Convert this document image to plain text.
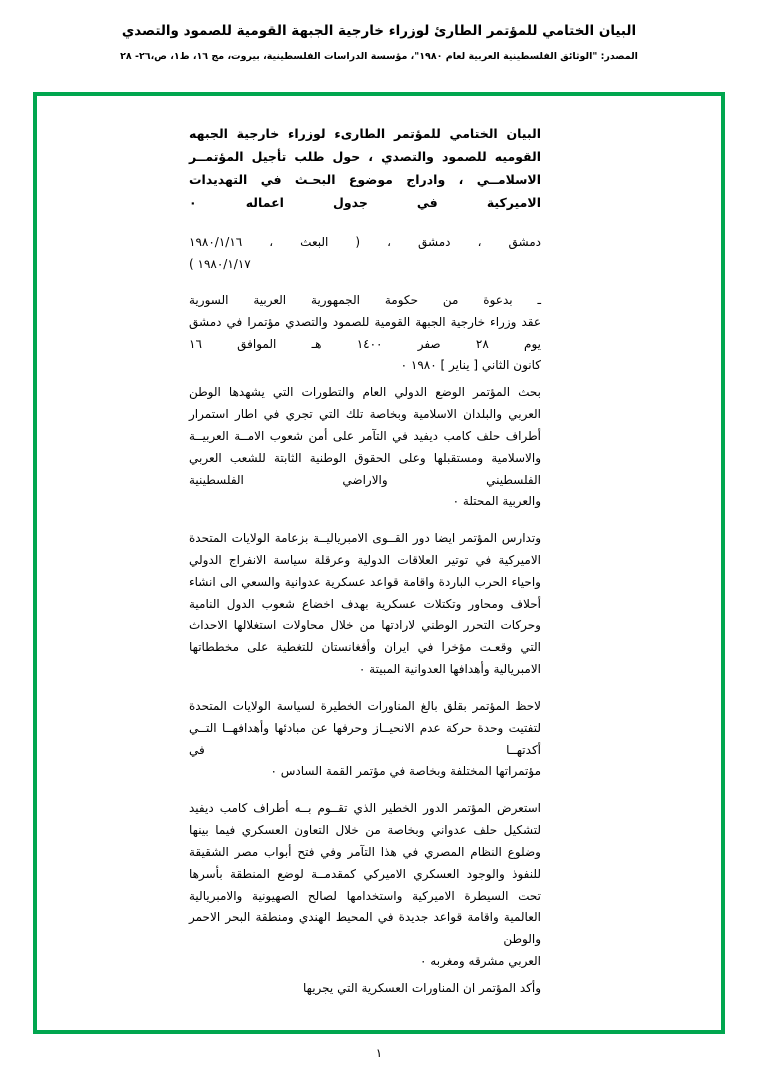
البيان الختامي للمؤتمر الطارئ لوزراء خارجية الجبهة القومية للصمود والتصدي
المصدر: "الوثائق الفلسطينية العربية لعام ١٩٨٠"، مؤسسة الدراسات الفلسطينية، بيروت، مج ١٦، ط١، ص،٢٦- ٢٨
البيان الختامي للمؤتمر الطارىء لوزراء خارجية الجبهه القوميه للصمود والتصدي ، حول طلب تأجيل المؤتمــر الاسلامــي ، وادراج موضوع البحـث في التهديدات الاميركية في جدول اعماله ٠
دمشق ، دمشق ، ( البعث ، ١٩٨٠/١/١٦
١٩٨٠/١/١٧ )
ـ بدعوة من حكومة الجمهورية العربية السورية
عقد وزراء خارجية الجبهة القومية للصمود والتصدي مؤتمرا في دمشق يوم ٢٨ صفر ١٤٠٠ هـ الموافق ١٦
كانون الثاني [ يناير ] ١٩٨٠ ٠
بحث المؤتمر الوضع الدولي العام والتطورات التي يشهدها الوطن العربي والبلدان الاسلامية وبخاصة تلك التي تجري في اطار استمرار أطراف حلف كامب ديفيد في التآمر على أمن شعوب الامــة العربيــة والاسلامية ومستقبلها وعلى الحقوق الوطنية الثابتة للشعب العربي الفلسطيني والاراضي الفلسطينية
والعربية المحتلة ٠
وتدارس المؤتمر ايضا دور القــوى الامبرياليــة بزعامة الولايات المتحدة الاميركية في توتير العلاقات الدولية وعرقلة سياسة الانفراج الدولي واحياء الحرب الباردة واقامة قواعد عسكرية عدوانية والسعي الى انشاء أحلاف ومحاور وتكتلات عسكرية بهدف اخضاع شعوب الدول النامية وحركات التحرر الوطني لارادتها من خلال محاولات استغلالها الاحداث التي وقعـت مؤخرا في ايران وأفغانستان للتغطية على مخططاتها
الامبريالية وأهدافها العدوانية المبيتة ٠
لاحظ المؤتمر بقلق بالغ المناورات الخطيرة لسياسة الولايات المتحدة لتفتيت وحدة حركة عدم الانحيــاز وحرفها عن مبادئها وأهدافهــا التــي أكدتهــا في
مؤتمراتها المختلفة وبخاصة في مؤتمر القمة السادس ٠
استعرض المؤتمر الدور الخطير الذي تقــوم بــه أطراف كامب ديفيد لتشكيل حلف عدواني وبخاصة من خلال التعاون العسكري فيما بينها وضلوع النظام المصري في هذا التآمر وفي فتح أبواب مصر الشقيقة للنفوذ والوجود العسكري الاميركي كمقدمــة لوضع المنطقة بأسرها تحت السيطرة الاميركية واستخدامها لصالح الصهيونية والامبريالية العالمية واقامة قواعد جديدة في المحيط الهندي ومنطقة البحر الاحمر والوطن
العربي مشرقه ومغربه ٠
وأكد المؤتمر ان المناورات العسكرية التي يجريها
١
